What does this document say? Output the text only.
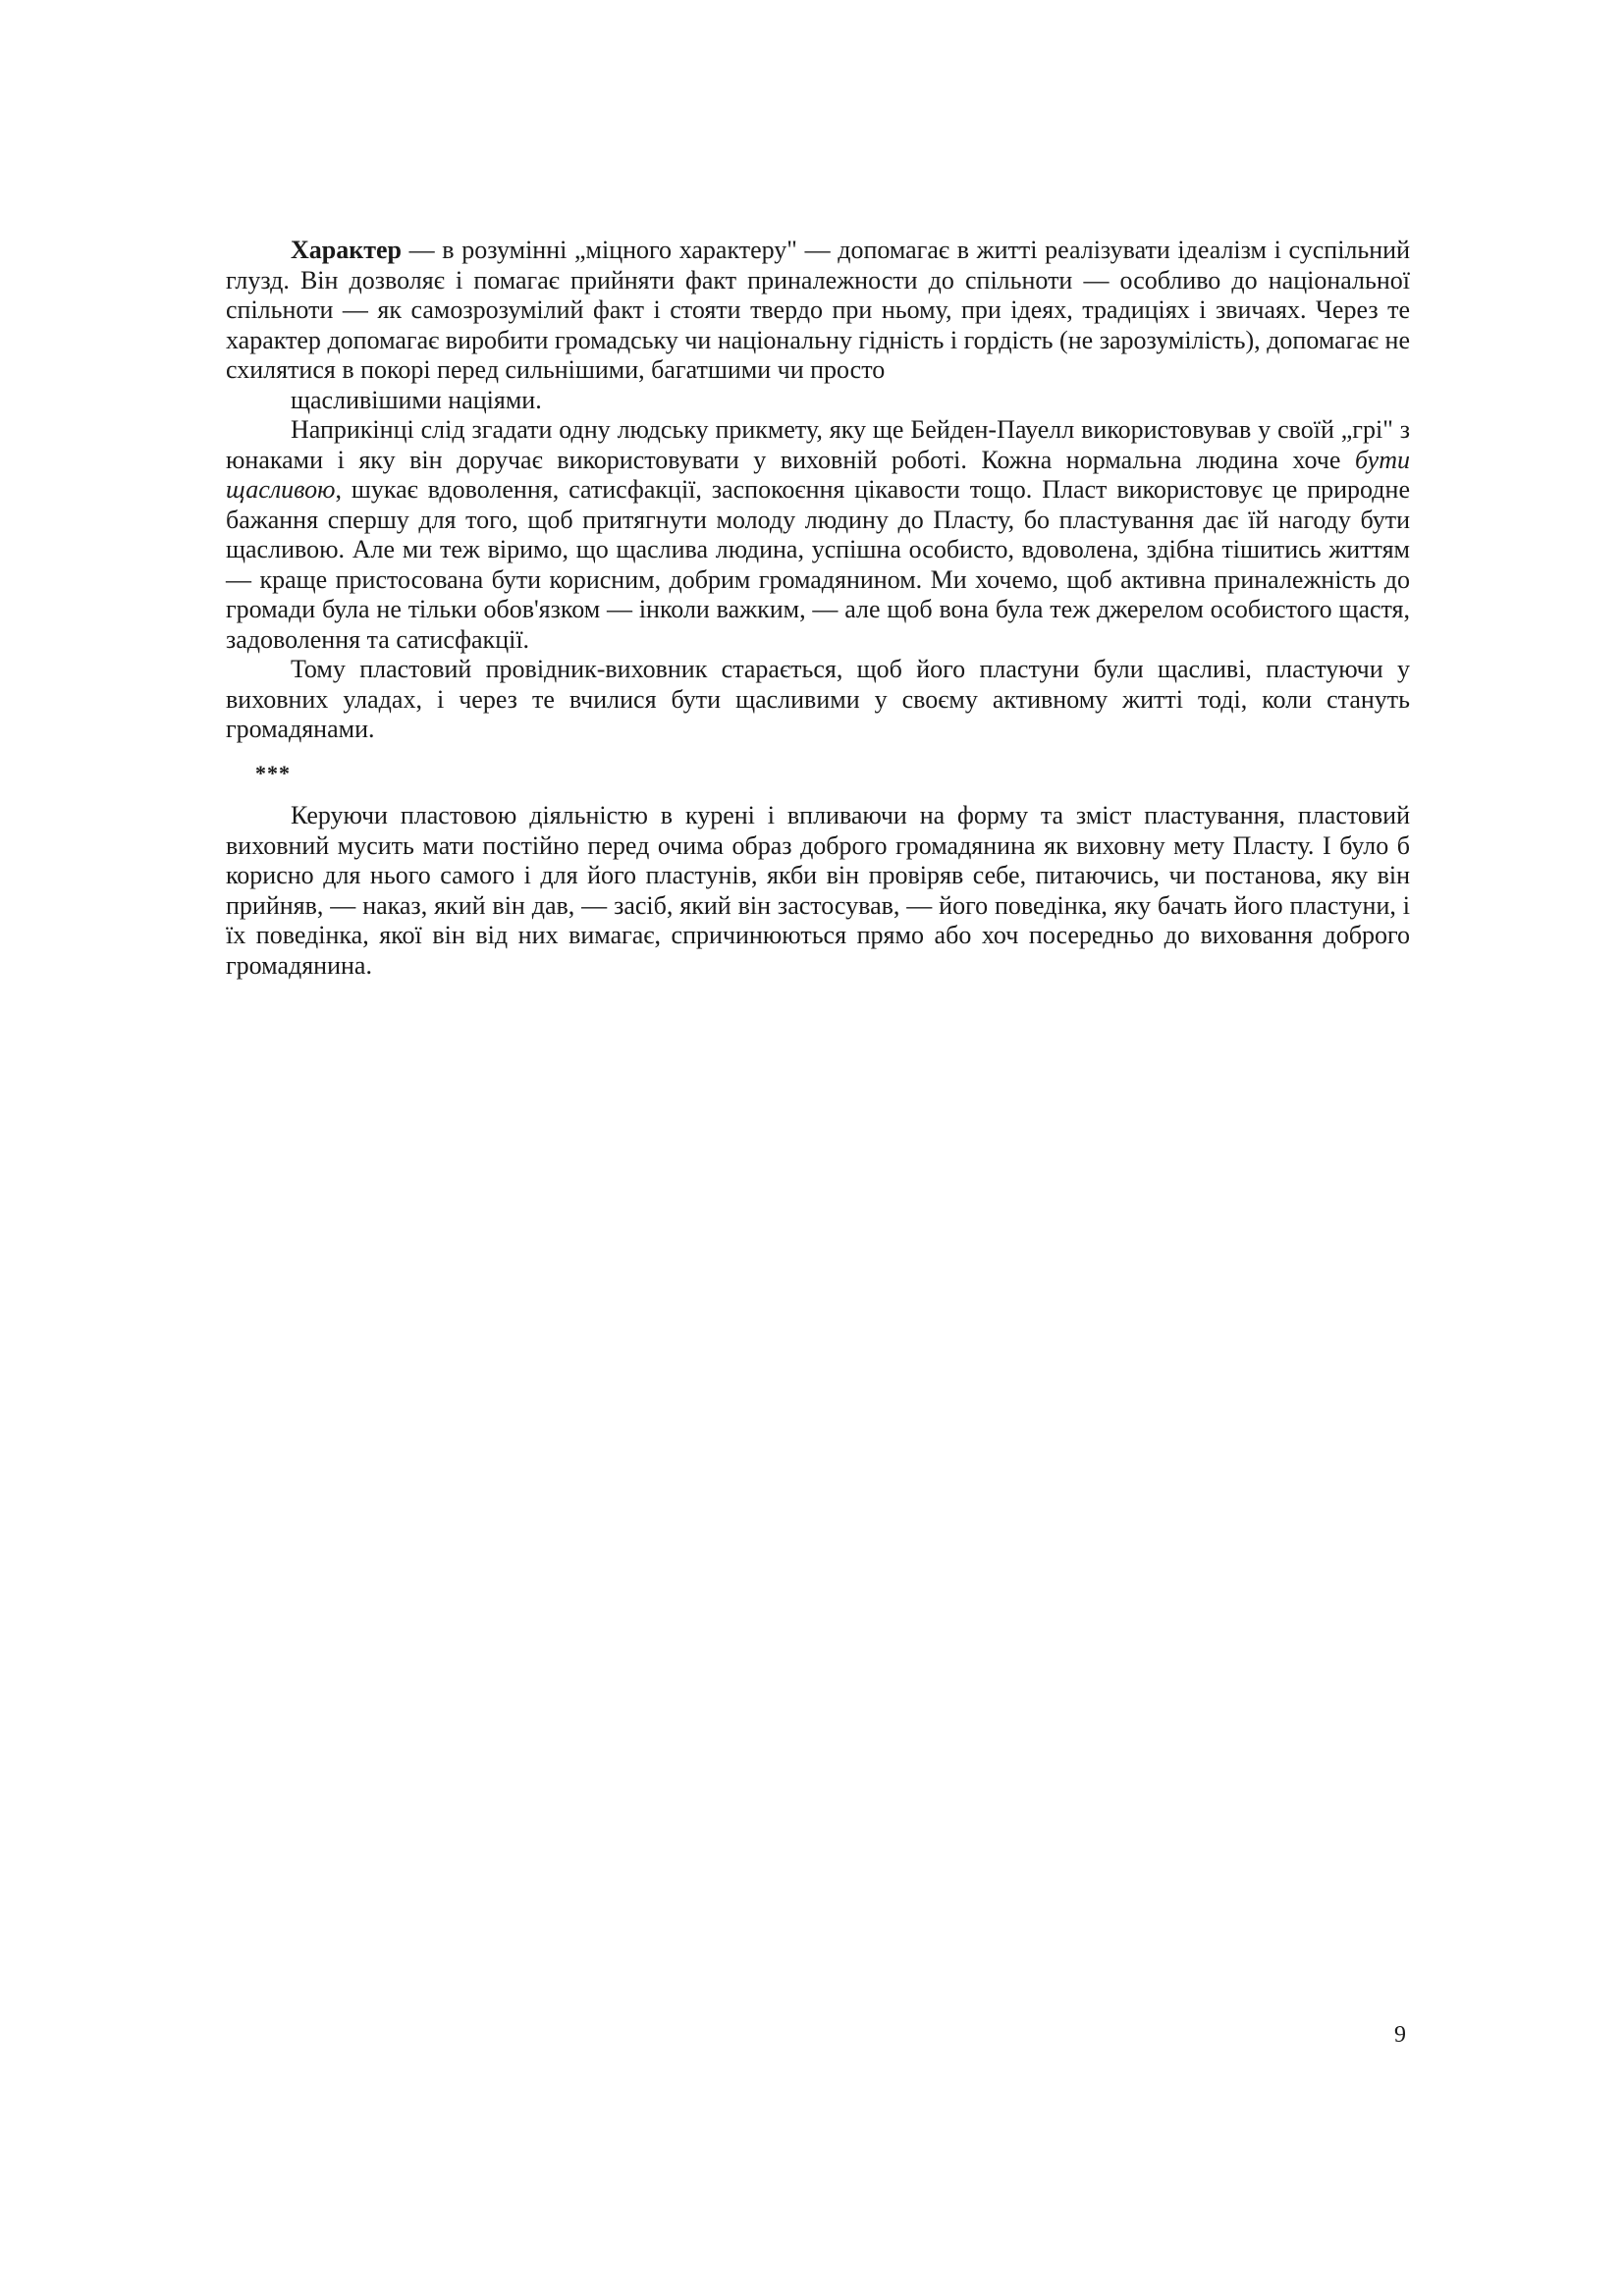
Характер — в розумінні „міцного характеру" — допомагає в житті реалізувати ідеалізм і суспільний глузд. Він дозволяє і помагає прийняти факт приналежности до спільноти — особливо до національної спільноти — як самозрозумілий факт і стояти твердо при ньому, при ідеях, традиціях і звичаях. Через те характер допомагає виробити громадську чи національну гідність і гордість (не зарозумілість), допомагає не схилятися в покорі перед сильнішими, багатшими чи просто

щасливішими націями.

Наприкінці слід згадати одну людську прикмету, яку ще Бейден-Пауелл використовував у своїй „грі" з юнаками і яку він доручає використовувати у виховній роботі. Кожна нормальна людина хоче бути щасливою, шукає вдоволення, сатисфакції, заспокоєння цікавости тощо. Пласт використовує це природне бажання спершу для того, щоб притягнути молоду людину до Пласту, бо пластування дає їй нагоду бути щасливою. Але ми теж віримо, що щаслива людина, успішна особисто, вдоволена, здібна тішитись життям — краще пристосована бути корисним, добрим громадянином. Ми хочемо, щоб активна приналежність до громади була не тільки обов'язком — інколи важким, — але щоб вона була теж джерелом особистого щастя, задоволення та сатисфакції.

Тому пластовий провідник-виховник старається, щоб його пластуни були щасливі, пластуючи у виховних уладах, і через те вчилися бути щасливими у своєму активному житті тоді, коли стануть громадянами.

***

Керуючи пластовою діяльністю в курені і впливаючи на форму та зміст пластування, пластовий виховний мусить мати постійно перед очима образ доброго громадянина як виховну мету Пласту. І було б корисно для нього самого і для його пластунів, якби він провіряв себе, питаючись, чи постанова, яку він прийняв, — наказ, який він дав, — засіб, який він застосував, — його поведінка, яку бачать його пластуни, і їх поведінка, якої він від них вимагає, спричинюються прямо або хоч посередньо до виховання доброго громадянина.

9
